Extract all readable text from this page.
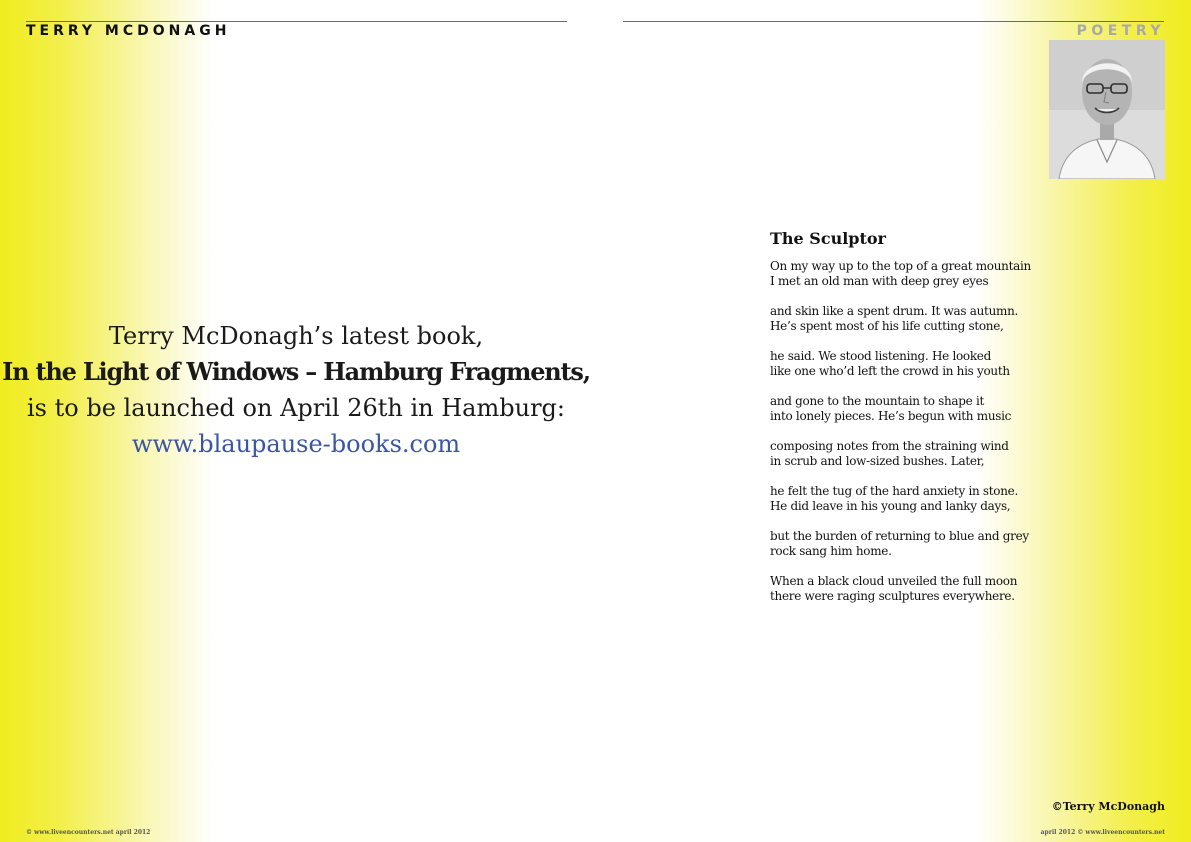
TERRY MCDONAGH
Terry McDonagh’s latest book,
In the Light of Windows – Hamburg Fragments,
is to be launched on April 26th in Hamburg:
www.blaupause-books.com
© www.liveencounters.net april 2012
POETRY
The Sculptor
On my way up to the top of a great mountain
I met an old man with deep grey eyes
and skin like a spent drum. It was autumn.
He’s spent most of his life cutting stone,
he said. We stood listening. He looked
like one who’d left the crowd in his youth
and gone to the mountain to shape it
into lonely pieces. He’s begun with music
composing notes from the straining wind
in scrub and low-sized bushes. Later,
he felt the tug of the hard anxiety in stone.
He did leave in his young and lanky days,
but the burden of returning to blue and grey
rock sang him home.
When a black cloud unveiled the full moon
there were raging sculptures everywhere.
©Terry McDonagh
april 2012 © www.liveencounters.net
